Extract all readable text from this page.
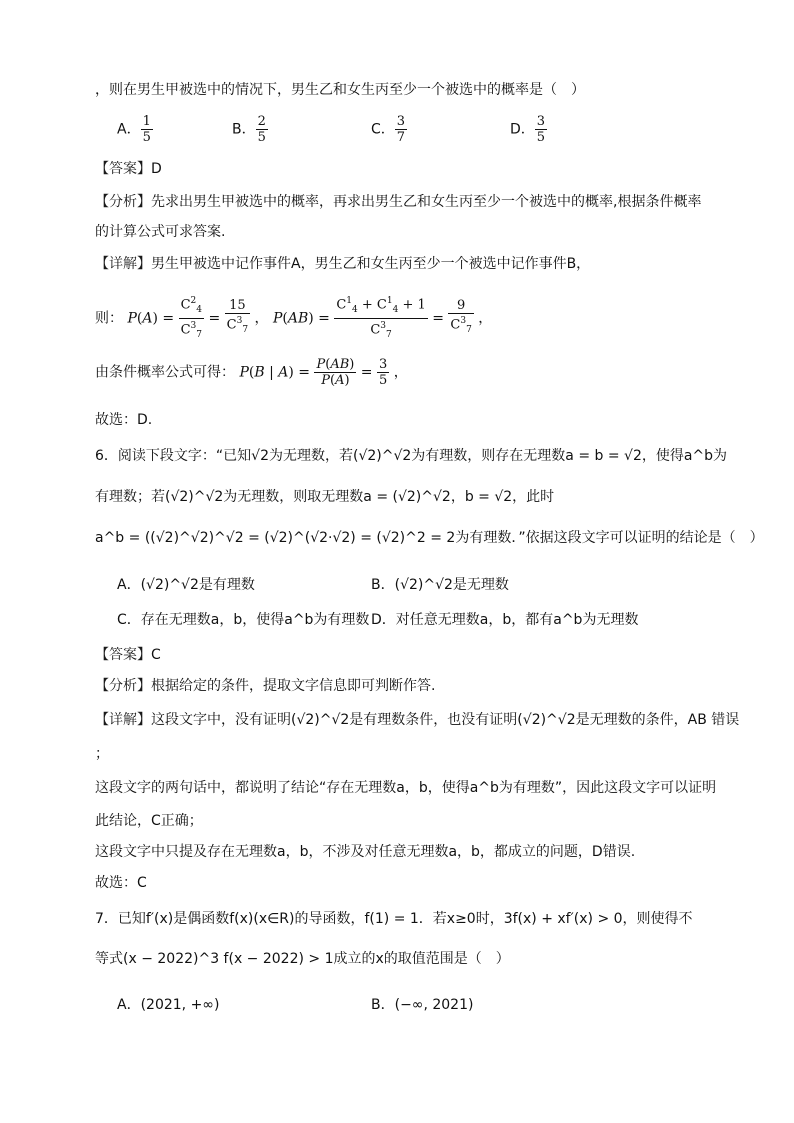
，则在男生甲被选中的情况下，男生乙和女生丙至少一个被选中的概率是（　）
A． $\frac{1}{5}$	B． $\frac{2}{5}$	C． $\frac{3}{7}$	D． $\frac{3}{5}$
【答案】D
【分析】先求出男生甲被选中的概率，再求出男生乙和女生丙至少一个被选中的概率,根据条件概率
的计算公式可求答案.
【详解】男生甲被选中记作事件A，男生乙和女生丙至少一个被选中记作事件B，
则： $P(A) = \frac{C^2_4}{C^3_7} = \frac{15}{C^3_7}$ ， $P(AB) = \frac{C^1_4 + C^1_4 + 1}{C^3_7} = \frac{9}{C^3_7}$ ，
由条件概率公式可得： P(B | $A) = \frac{P(AB)}{P(A)} = \frac{3}{5}$ ，
故选：D.
6．阅读下段文字：“已知√2为无理数，若(√2)^√2为有理数，则存在无理数a = b = √2，使得a^b为
有理数；若(√2)^√2为无理数，则取无理数a = (√2)^√2，b = √2，此时
a^b = ((√2)^√2)^√2 = (√2)^(√2·√2) = (√2)^2 = 2为有理数．”依据这段文字可以证明的结论是（　）
A．(√2)^√2是有理数	B．(√2)^√2是无理数
C．存在无理数a，b，使得a^b为有理数 D．对任意无理数a，b，都有a^b为无理数
【答案】C
【分析】根据给定的条件，提取文字信息即可判断作答.
【详解】这段文字中，没有证明(√2)^√2是有理数条件，也没有证明(√2)^√2是无理数的条件，AB 错误
；
这段文字的两句话中，都说明了结论“存在无理数a，b，使得a^b为有理数”，因此这段文字可以证明
此结论，C正确；
这段文字中只提及存在无理数a，b，不涉及对任意无理数a，b，都成立的问题，D错误.
故选：C
7．已知f′(x)是偶函数f(x)(x∈R)的导函数，f(1) = 1．若x≥0时，3f(x) + xf′(x) > 0，则使得不
等式(x − 2022)^3 f(x − 2022) > 1成立的x的取值范围是（　）
A．(2021, +∞)	B．(−∞, 2021)
